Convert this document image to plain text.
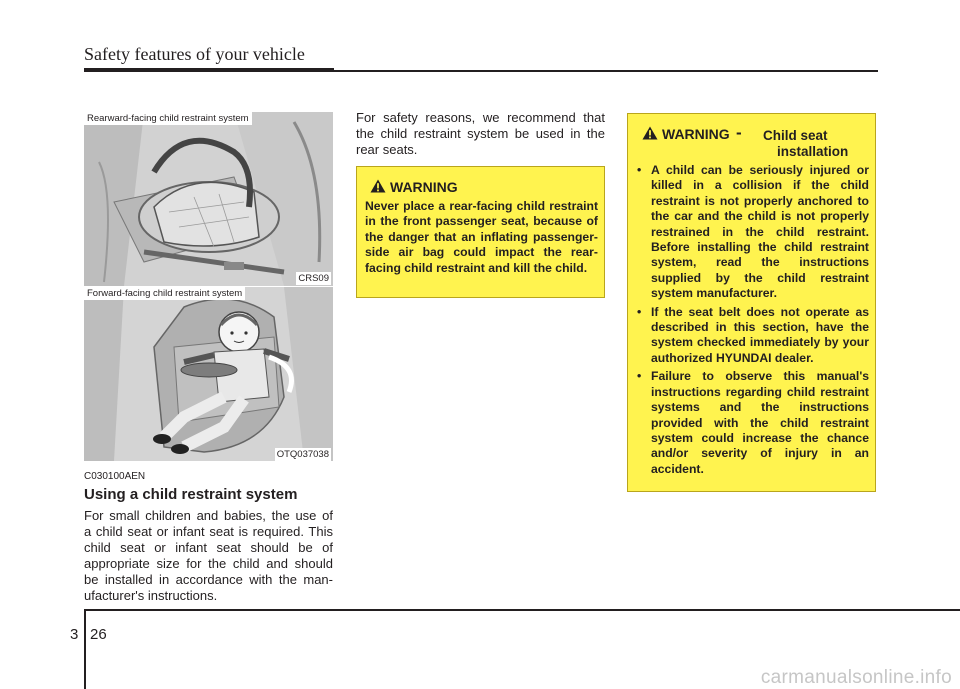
Safety features of your vehicle
Rearward-facing child restraint system
CRS09
Forward-facing child restraint system
OTQ037038
C030100AEN
Using a child restraint system
For small children and babies, the use of
a child seat or infant seat is required. This
child seat or infant seat should be of
appropriate size for the child and should
be installed in accordance with the man-
ufacturer's instructions.
For safety reasons, we recommend that
the child restraint system be used in the
rear seats.
WARNING
Never place a rear-facing child restraint in the front passenger seat, because of the danger that an inflating passenger-side air bag could impact the rear-facing child restraint and kill the child.
WARNING - Child seat
installation
• A child can be seriously injured or killed in a collision if the child restraint is not properly anchored to the car and the child is not properly restrained in the child restraint. Before installing the child restraint system, read the instructions supplied by the child restraint system manufacturer.
• If the seat belt does not operate as described in this section, have the system checked immediately by your authorized HYUNDAI dealer.
• Failure to observe this manual's instructions regarding child restraint systems and the instructions provided with the child restraint system could increase the chance and/or severity of injury in an accident.
3 26
carmanualsonline.info
